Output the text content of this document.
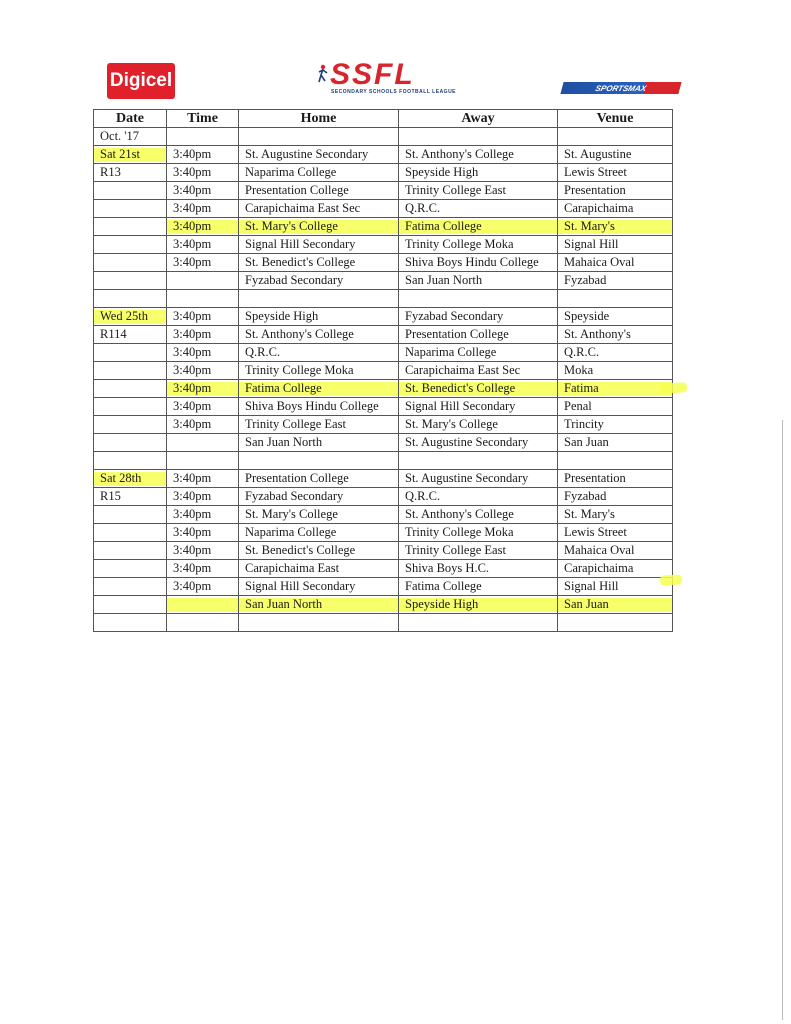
Digicel	SSFL
SECONDARY SCHOOLS FOOTBALL LEAGUE	SPORTSMAX
Date	Time	Home	Away	Venue
Oct. '17				
Sat 21st	3:40pm	St. Augustine Secondary	St. Anthony's College	St. Augustine
R13	3:40pm	Naparima College	Speyside High	Lewis Street
	3:40pm	Presentation College	Trinity College East	Presentation
	3:40pm	Carapichaima East Sec	Q.R.C.	Carapichaima
	3:40pm	St. Mary's College	Fatima College	St. Mary's
	3:40pm	Signal Hill Secondary	Trinity College Moka	Signal Hill
	3:40pm	St. Benedict's College	Shiva Boys Hindu College	Mahaica Oval
		Fyzabad Secondary	San Juan North	Fyzabad

Wed 25th	3:40pm	Speyside High	Fyzabad Secondary	Speyside
R114	3:40pm	St. Anthony's College	Presentation College	St. Anthony's
	3:40pm	Q.R.C.	Naparima College	Q.R.C.
	3:40pm	Trinity College Moka	Carapichaima East Sec	Moka
	3:40pm	Fatima College	St. Benedict's College	Fatima
	3:40pm	Shiva Boys Hindu College	Signal Hill Secondary	Penal
	3:40pm	Trinity College East	St. Mary's College	Trincity
		San Juan North	St. Augustine Secondary	San Juan

Sat 28th	3:40pm	Presentation College	St. Augustine Secondary	Presentation
R15	3:40pm	Fyzabad Secondary	Q.R.C.	Fyzabad
	3:40pm	St. Mary's College	St. Anthony's College	St. Mary's
	3:40pm	Naparima College	Trinity College Moka	Lewis Street
	3:40pm	St. Benedict's College	Trinity College East	Mahaica Oval
	3:40pm	Carapichaima East	Shiva Boys H.C.	Carapichaima
	3:40pm	Signal Hill Secondary	Fatima College	Signal Hill
		San Juan North	Speyside High	San Juan
